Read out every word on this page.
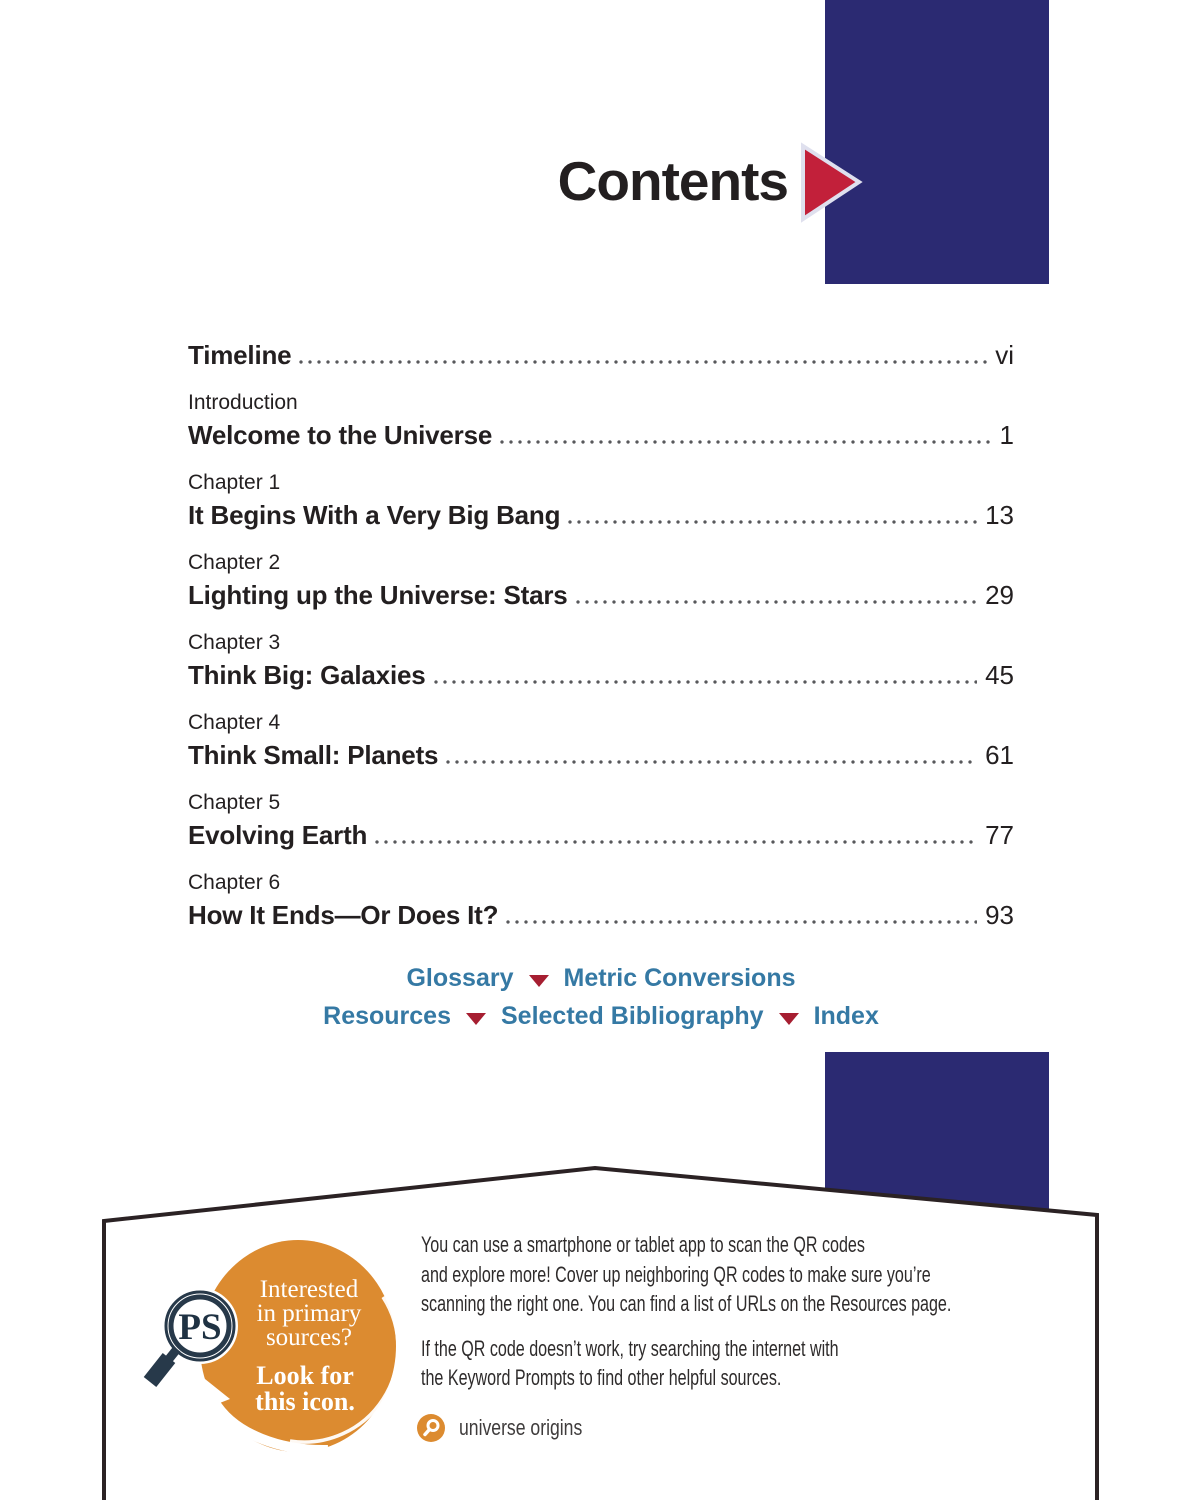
Contents
Timeline	vi
Introduction
Welcome to the Universe	1
Chapter 1
It Begins With a Very Big Bang	13
Chapter 2
Lighting up the Universe: Stars	29
Chapter 3
Think Big: Galaxies	45
Chapter 4
Think Small: Planets	61
Chapter 5
Evolving Earth	77
Chapter 6
How It Ends—Or Does It?	93
Glossary Metric Conversions
Resources Selected Bibliography Index
Interested
in primary
sources?
Look for
this icon.
PS
You can use a smartphone or tablet app to scan the QR codes
and explore more! Cover up neighboring QR codes to make sure you’re
scanning the right one. You can find a list of URLs on the Resources page.
If the QR code doesn’t work, try searching the internet with
the Keyword Prompts to find other helpful sources.
universe origins
